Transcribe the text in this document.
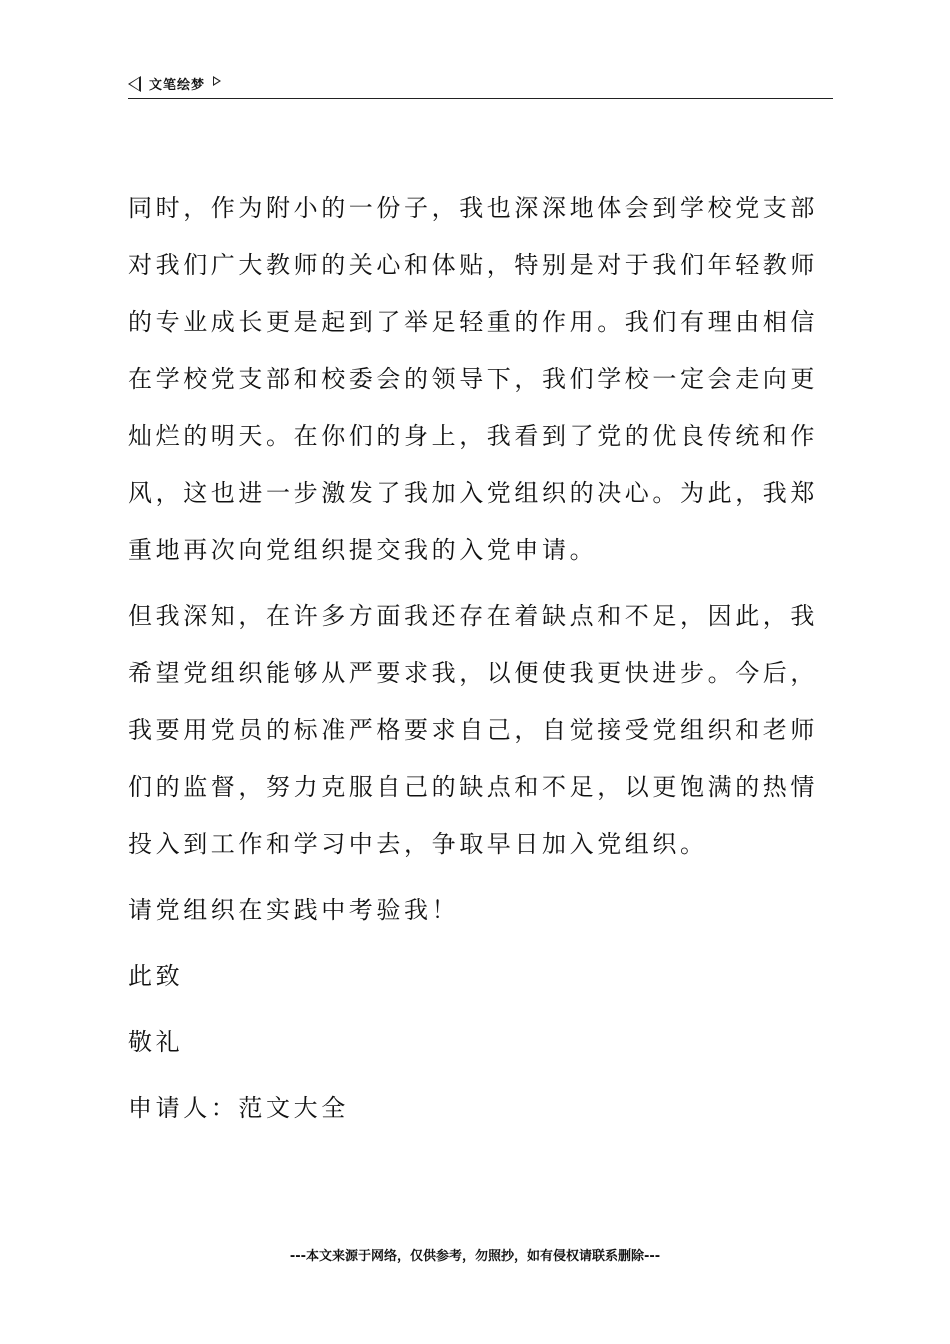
文笔绘梦

同时，作为附小的一份子，我也深深地体会到学校党支部对我们广大教师的关心和体贴，特别是对于我们年轻教师的专业成长更是起到了举足轻重的作用。我们有理由相信在学校党支部和校委会的领导下，我们学校一定会走向更灿烂的明天。在你们的身上，我看到了党的优良传统和作风，这也进一步激发了我加入党组织的决心。为此，我郑重地再次向党组织提交我的入党申请。

但我深知，在许多方面我还存在着缺点和不足，因此，我希望党组织能够从严要求我，以便使我更快进步。今后，我要用党员的标准严格要求自己，自觉接受党组织和老师们的监督，努力克服自己的缺点和不足，以更饱满的热情投入到工作和学习中去，争取早日加入党组织。

请党组织在实践中考验我！

此致

敬礼

申请人：范文大全

---本文来源于网络，仅供参考，勿照抄，如有侵权请联系删除---
